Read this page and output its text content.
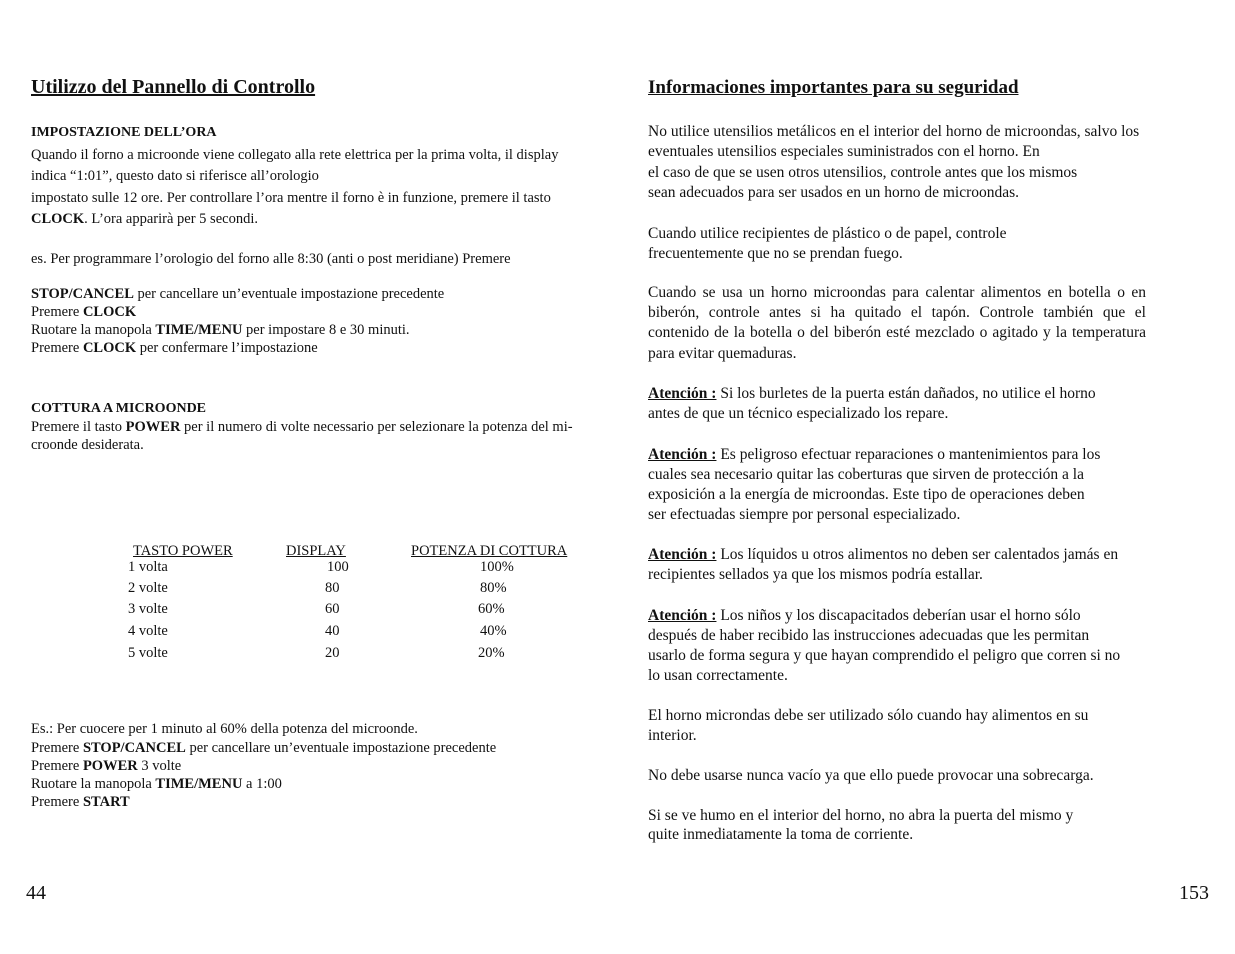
Utilizzo del Pannello di Controllo
IMPOSTAZIONE DELL’ORA
Quando il forno a microonde viene collegato alla rete elettrica per la prima volta, il display
indica “1:01”, questo dato si riferisce all’orologio
impostato sulle 12 ore. Per controllare l’ora mentre il forno è in funzione, premere il tasto
CLOCK. L’ora apparirà per 5 secondi.
es. Per programmare l’orologio del forno alle 8:30 (anti o post meridiane) Premere
STOP/CANCEL per cancellare un’eventuale impostazione precedente
Premere CLOCK
Ruotare la manopola TIME/MENU per impostare 8 e 30 minuti.
Premere CLOCK per confermare l’impostazione
COTTURA A MICROONDE
Premere il tasto POWER per il numero di volte necessario per selezionare la potenza del mi-
croonde desiderata.
TASTO POWER	DISPLAY	POTENZA DI COTTURA
1 volta	100	100%
2 volte	80	80%
3 volte	60	60%
4 volte	40	40%
5 volte	20	20%
Es.: Per cuocere per 1 minuto al 60% della potenza del microonde.
Premere STOP/CANCEL per cancellare un’eventuale impostazione precedente
Premere POWER 3 volte
Ruotare la manopola TIME/MENU a 1:00
Premere START
44
Informaciones importantes para su seguridad
No utilice utensilios metálicos en el interior del horno de microondas, salvo los
eventuales utensilios especiales suministrados con el horno. En
el caso de que se usen otros utensilios, controle antes que los mismos
sean adecuados para ser usados en un horno de microondas.
Cuando utilice recipientes de plástico o de papel, controle
frecuentemente que no se prendan fuego.
Cuando se usa un horno microondas para calentar alimentos en botella o en biberón, controle antes si ha quitado el tapón. Controle también que el contenido de la botella o del biberón esté mezclado o agitado y la temperatura para evitar quemaduras.
Atención : Si los burletes de la puerta están dañados, no utilice el horno
antes de que un técnico especializado los repare.
Atención : Es peligroso efectuar reparaciones o mantenimientos para los
cuales sea necesario quitar las coberturas que sirven de protección a la
exposición a la energía de microondas. Este tipo de operaciones deben
ser efectuadas siempre por personal especializado.
Atención : Los líquidos u otros alimentos no deben ser calentados jamás en
recipientes sellados ya que los mismos podría estallar.
Atención : Los niños y los discapacitados deberían usar el horno sólo
después de haber recibido las instrucciones adecuadas que les permitan
usarlo de forma segura y que hayan comprendido el peligro que corren si no
lo usan correctamente.
El horno microndas debe ser utilizado sólo cuando hay alimentos en su
interior.
No debe usarse nunca vacío ya que ello puede provocar una sobrecarga.
Si se ve humo en el interior del horno, no abra la puerta del mismo y
quite inmediatamente la toma de corriente.
153
